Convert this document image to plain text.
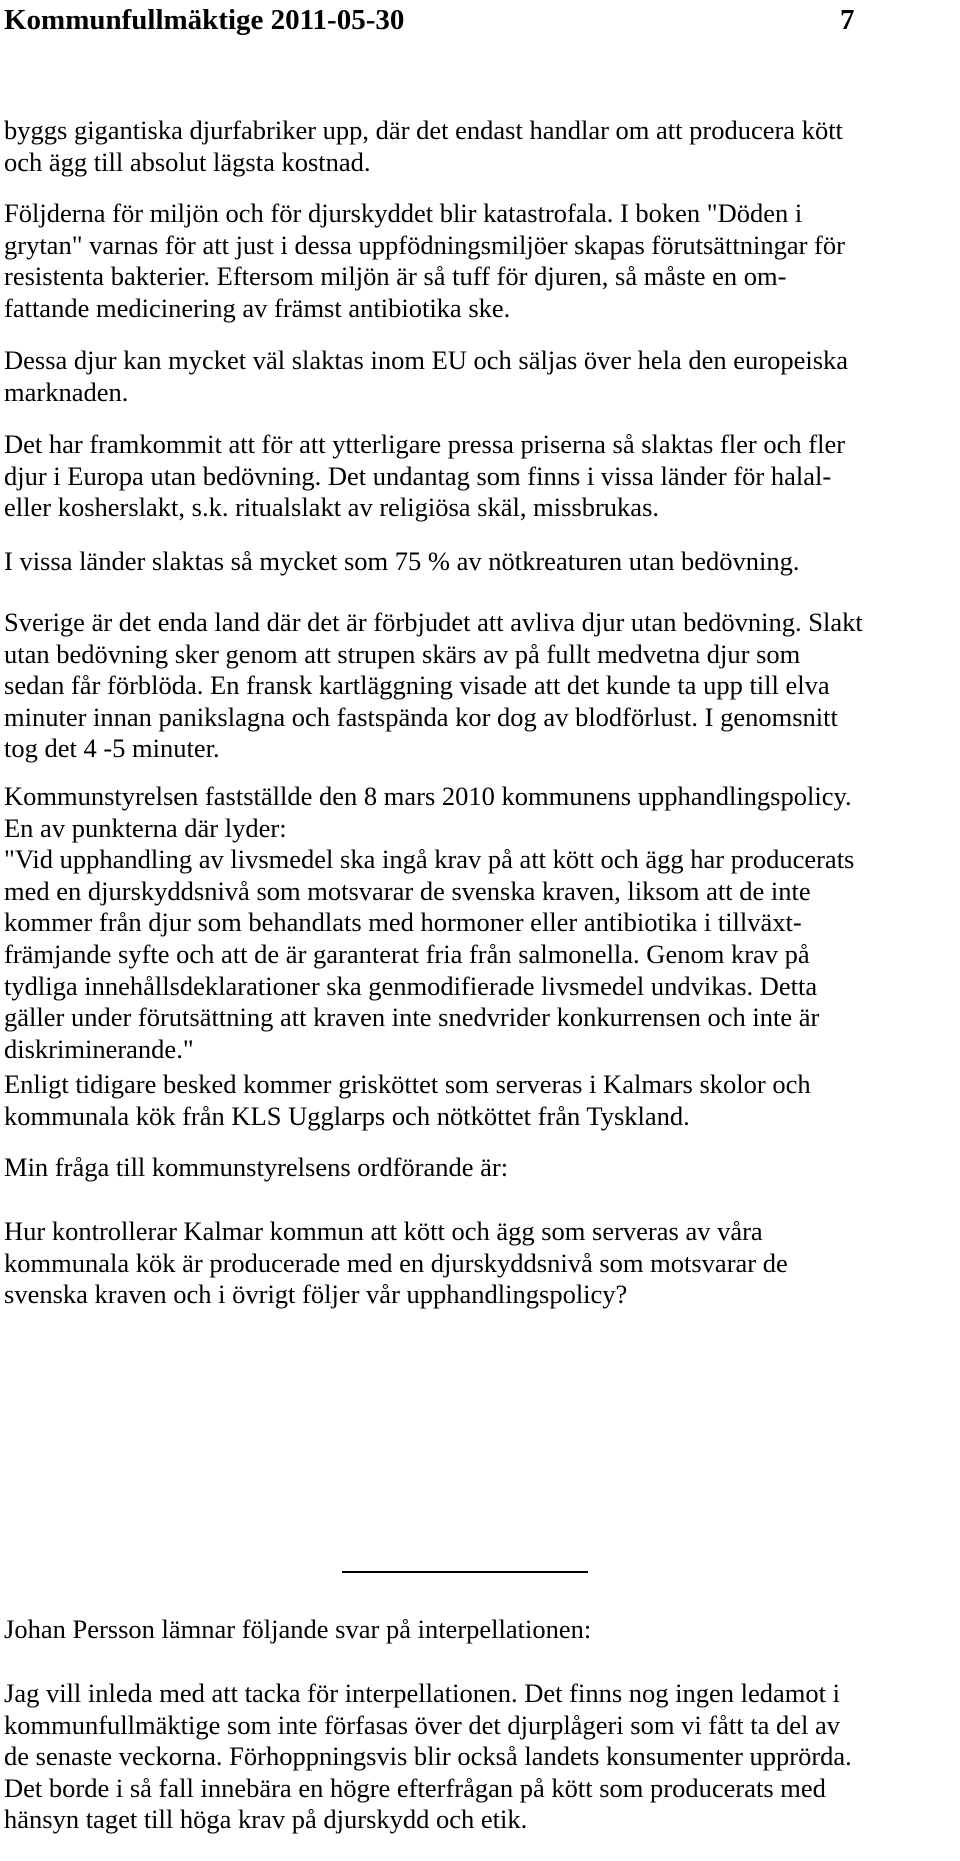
Kommunfullmäktige 2011-05-30	7
byggs gigantiska djurfabriker upp, där det endast handlar om att producera kött
och ägg till absolut lägsta kostnad.
Följderna för miljön och för djurskyddet blir katastrofala. I boken "Döden i
grytan" varnas för att just i dessa uppfödningsmiljöer skapas förutsättningar för
resistenta bakterier. Eftersom miljön är så tuff för djuren, så måste en om-
fattande medicinering av främst antibiotika ske.
Dessa djur kan mycket väl slaktas inom EU och säljas över hela den europeiska
marknaden.
Det har framkommit att för att ytterligare pressa priserna så slaktas fler och fler
djur i Europa utan bedövning. Det undantag som finns i vissa länder för halal-
eller kosherslakt, s.k. ritualslakt av religiösa skäl, missbrukas.
I vissa länder slaktas så mycket som 75 % av nötkreaturen utan bedövning.
Sverige är det enda land där det är förbjudet att avliva djur utan bedövning. Slakt
utan bedövning sker genom att strupen skärs av på fullt medvetna djur som
sedan får förblöda. En fransk kartläggning visade att det kunde ta upp till elva
minuter innan panikslagna och fastspända kor dog av blodförlust. I genomsnitt
tog det 4 -5 minuter.
Kommunstyrelsen fastställde den 8 mars 2010 kommunens upphandlingspolicy.
En av punkterna där lyder:
"Vid upphandling av livsmedel ska ingå krav på att kött och ägg har producerats
med en djurskyddsnivå som motsvarar de svenska kraven, liksom att de inte
kommer från djur som behandlats med hormoner eller antibiotika i tillväxt-
främjande syfte och att de är garanterat fria från salmonella. Genom krav på
tydliga innehållsdeklarationer ska genmodifierade livsmedel undvikas. Detta
gäller under förutsättning att kraven inte snedvrider konkurrensen och inte är
diskriminerande."
Enligt tidigare besked kommer grisköttet som serveras i Kalmars skolor och
kommunala kök från KLS Ugglarps och nötköttet från Tyskland.
Min fråga till kommunstyrelsens ordförande är:
Hur kontrollerar Kalmar kommun att kött och ägg som serveras av våra
kommunala kök är producerade med en djurskyddsnivå som motsvarar de
svenska kraven och i övrigt följer vår upphandlingspolicy?
Johan Persson lämnar följande svar på interpellationen:
Jag vill inleda med att tacka för interpellationen. Det finns nog ingen ledamot i
kommunfullmäktige som inte förfasas över det djurplågeri som vi fått ta del av
de senaste veckorna. Förhoppningsvis blir också landets konsumenter upprörda.
Det borde i så fall innebära en högre efterfrågan på kött som producerats med
hänsyn taget till höga krav på djurskydd och etik.
